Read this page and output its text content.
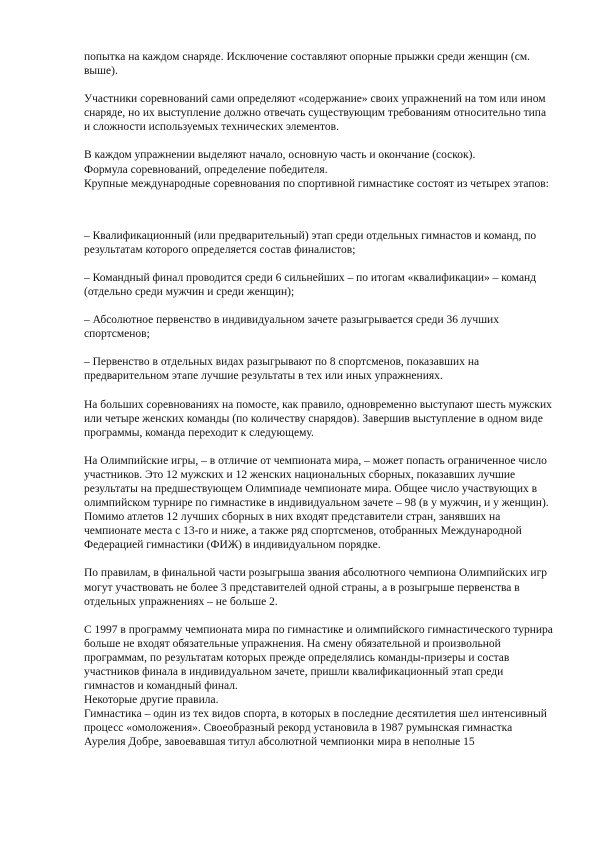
попытка на каждом снаряде. Исключение составляют опорные прыжки среди женщин (см. выше).

Участники соревнований сами определяют «содержание» своих упражнений на том или ином снаряде, но их выступление должно отвечать существующим требованиям относительно типа и сложности используемых технических элементов.

В каждом упражнении выделяют начало, основную часть и окончание (соскок).

Формула соревнований, определение победителя.

Крупные международные соревнования по спортивной гимнастике состоят из четырех этапов:

– Квалификационный (или предварительный) этап среди отдельных гимнастов и команд, по результатам которого определяется состав финалистов;

– Командный финал проводится среди 6 сильнейших – по итогам «квалификации» – команд (отдельно среди мужчин и среди женщин);

– Абсолютное первенство в индивидуальном зачете разыгрывается среди 36 лучших спортсменов;

– Первенство в отдельных видах разыгрывают по 8 спортсменов, показавших на предварительном этапе лучшие результаты в тех или иных упражнениях.

На больших соревнованиях на помосте, как правило, одновременно выступают шесть мужских или четыре женских команды (по количеству снарядов). Завершив выступление в одном виде программы, команда переходит к следующему.

На Олимпийские игры, – в отличие от чемпионата мира, – может попасть ограниченное число участников. Это 12 мужских и 12 женских национальных сборных, показавших лучшие результаты на предшествующем Олимпиаде чемпионате мира. Общее число участвующих в олимпийском турнире по гимнастике в индивидуальном зачете – 98 (в у мужчин, и у женщин). Помимо атлетов 12 лучших сборных в них входят представители стран, занявших на чемпионате места с 13-го и ниже, а также ряд спортсменов, отобранных Международной Федерацией гимнастики (ФИЖ) в индивидуальном порядке.

По правилам, в финальной части розыгрыша звания абсолютного чемпиона Олимпийских игр могут участвовать не более 3 представителей одной страны, а в розыгрыше первенства в отдельных упражнениях – не больше 2.

С 1997 в программу чемпионата мира по гимнастике и олимпийского гимнастического турнира больше не входят обязательные упражнения. На смену обязательной и произвольной программам, по результатам которых прежде определялись команды-призеры и состав участников финала в индивидуальном зачете, пришли квалификационный этап среди гимнастов и командный финал.

Некоторые другие правила.

Гимнастика – один из тех видов спорта, в которых в последние десятилетия шел интенсивный процесс «омоложения». Своеобразный рекорд установила в 1987 румынская гимнастка Аурелия Добре, завоевавшая титул абсолютной чемпионки мира в неполные 15
